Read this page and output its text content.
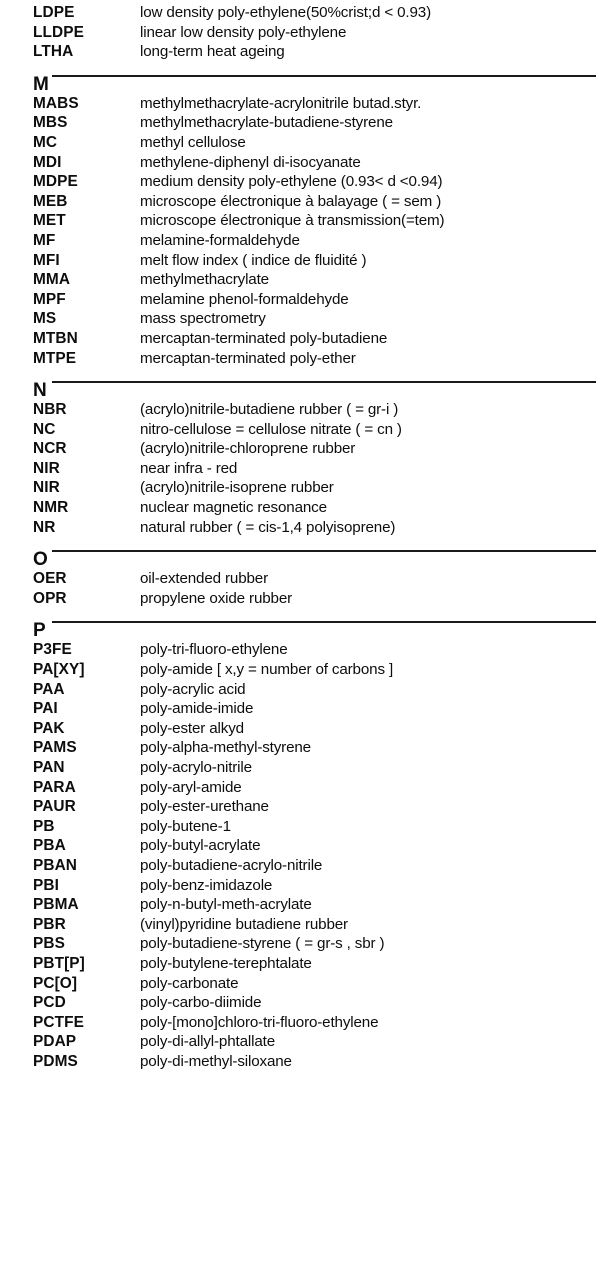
LDPE	low density poly-ethylene(50%crist;d < 0.93)
LLDPE	linear low density poly-ethylene
LTHA	long-term heat ageing
M
MABS	methylmethacrylate-acrylonitrile butad.styr.
MBS	methylmethacrylate-butadiene-styrene
MC	methyl cellulose
MDI	methylene-diphenyl di-isocyanate
MDPE	medium density poly-ethylene (0.93< d <0.94)
MEB	microscope électronique à balayage ( = sem )
MET	microscope électronique à transmission(=tem)
MF	melamine-formaldehyde
MFI	melt flow index ( indice de fluidité )
MMA	methylmethacrylate
MPF	melamine phenol-formaldehyde
MS	mass spectrometry
MTBN	mercaptan-terminated poly-butadiene
MTPE	mercaptan-terminated poly-ether
N
NBR	(acrylo)nitrile-butadiene rubber ( = gr-i )
NC	nitro-cellulose = cellulose nitrate ( = cn )
NCR	(acrylo)nitrile-chloroprene rubber
NIR	near infra - red
NIR	(acrylo)nitrile-isoprene rubber
NMR	nuclear magnetic resonance
NR	natural rubber ( = cis-1,4 polyisoprene)
O
OER	oil-extended rubber
OPR	propylene oxide rubber
P
P3FE	poly-tri-fluoro-ethylene
PA[XY]	poly-amide [ x,y = number of carbons ]
PAA	poly-acrylic acid
PAI	poly-amide-imide
PAK	poly-ester alkyd
PAMS	poly-alpha-methyl-styrene
PAN	poly-acrylo-nitrile
PARA	poly-aryl-amide
PAUR	poly-ester-urethane
PB	poly-butene-1
PBA	poly-butyl-acrylate
PBAN	poly-butadiene-acrylo-nitrile
PBI	poly-benz-imidazole
PBMA	poly-n-butyl-meth-acrylate
PBR	(vinyl)pyridine butadiene rubber
PBS	poly-butadiene-styrene ( = gr-s , sbr )
PBT[P]	poly-butylene-terephtalate
PC[O]	poly-carbonate
PCD	poly-carbo-diimide
PCTFE	poly-[mono]chloro-tri-fluoro-ethylene
PDAP	poly-di-allyl-phtallate
PDMS	poly-di-methyl-siloxane
